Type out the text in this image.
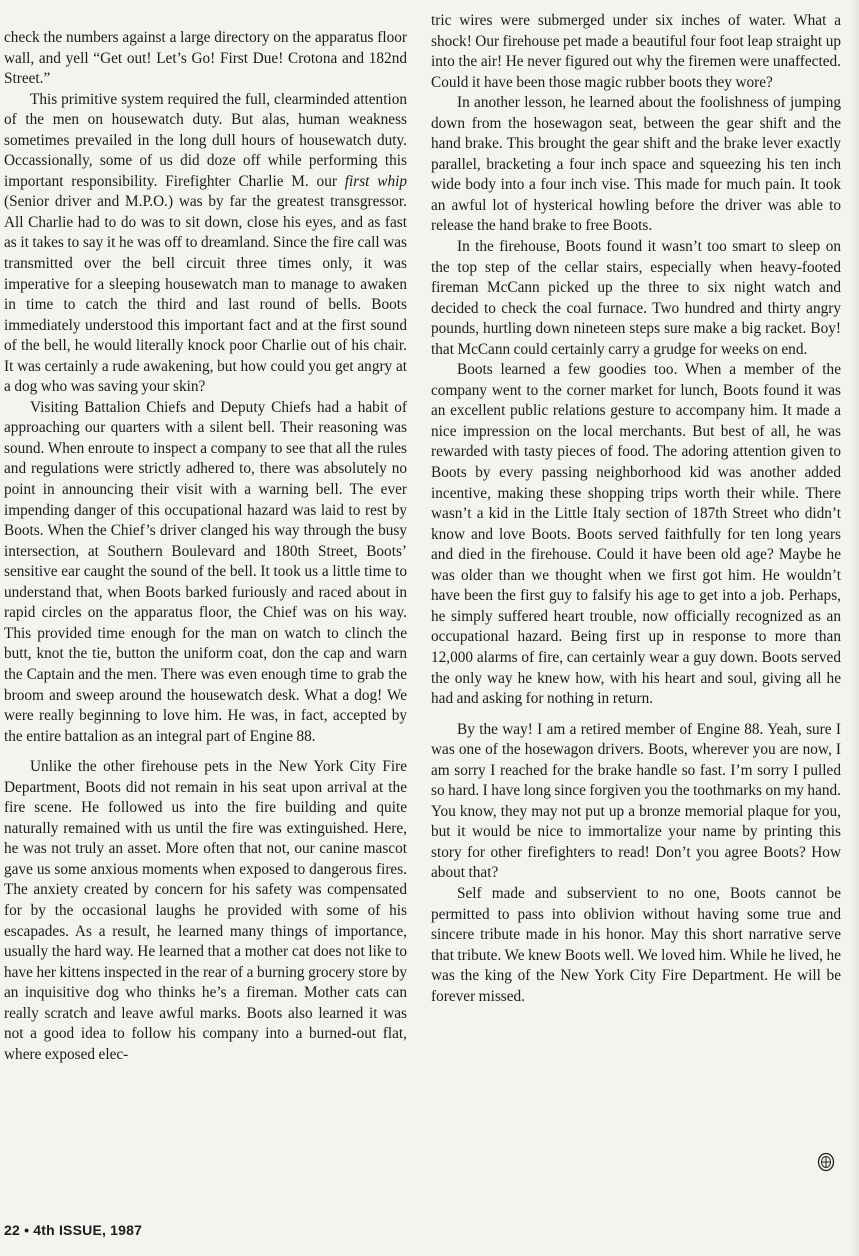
check the numbers against a large directory on the apparatus floor wall, and yell “Get out! Let’s Go! First Due! Crotona and 182nd Street.”

This primitive system required the full, clearminded attention of the men on housewatch duty. But alas, human weakness sometimes prevailed in the long dull hours of housewatch duty. Occassionally, some of us did doze off while performing this important responsibility. Firefighter Charlie M. our first whip (Senior driver and M.P.O.) was by far the greatest transgressor. All Charlie had to do was to sit down, close his eyes, and as fast as it takes to say it he was off to dreamland. Since the fire call was transmitted over the bell circuit three times only, it was imperative for a sleeping housewatch man to manage to awaken in time to catch the third and last round of bells. Boots immediately understood this important fact and at the first sound of the bell, he would literally knock poor Charlie out of his chair. It was certainly a rude awakening, but how could you get angry at a dog who was saving your skin?

Visiting Battalion Chiefs and Deputy Chiefs had a habit of approaching our quarters with a silent bell. Their reasoning was sound. When enroute to inspect a company to see that all the rules and regulations were strictly adhered to, there was absolutely no point in announcing their visit with a warning bell. The ever impending danger of this occupational hazard was laid to rest by Boots. When the Chief’s driver clanged his way through the busy intersection, at Southern Boulevard and 180th Street, Boots’ sensitive ear caught the sound of the bell. It took us a little time to understand that, when Boots barked furiously and raced about in rapid circles on the apparatus floor, the Chief was on his way. This provided time enough for the man on watch to clinch the butt, knot the tie, button the uniform coat, don the cap and warn the Captain and the men. There was even enough time to grab the broom and sweep around the housewatch desk. What a dog! We were really beginning to love him. He was, in fact, accepted by the entire battalion as an integral part of Engine 88.

Unlike the other firehouse pets in the New York City Fire Department, Boots did not remain in his seat upon arrival at the fire scene. He followed us into the fire building and quite naturally remained with us until the fire was extinguished. Here, he was not truly an asset. More often that not, our canine mascot gave us some anxious moments when exposed to dangerous fires. The anxiety created by concern for his safety was compensated for by the occasional laughs he provided with some of his escapades. As a result, he learned many things of importance, usually the hard way. He learned that a mother cat does not like to have her kittens inspected in the rear of a burning grocery store by an inquisitive dog who thinks he’s a fireman. Mother cats can really scratch and leave awful marks. Boots also learned it was not a good idea to follow his company into a burned-out flat, where exposed elec-

tric wires were submerged under six inches of water. What a shock! Our firehouse pet made a beautiful four foot leap straight up into the air! He never figured out why the firemen were unaffected. Could it have been those magic rubber boots they wore?

In another lesson, he learned about the foolishness of jumping down from the hosewagon seat, between the gear shift and the hand brake. This brought the gear shift and the brake lever exactly parallel, bracketing a four inch space and squeezing his ten inch wide body into a four inch vise. This made for much pain. It took an awful lot of hysterical howling before the driver was able to release the hand brake to free Boots.

In the firehouse, Boots found it wasn’t too smart to sleep on the top step of the cellar stairs, especially when heavy-footed fireman McCann picked up the three to six night watch and decided to check the coal furnace. Two hundred and thirty angry pounds, hurtling down nineteen steps sure make a big racket. Boy! that McCann could certainly carry a grudge for weeks on end.

Boots learned a few goodies too. When a member of the company went to the corner market for lunch, Boots found it was an excellent public relations gesture to accompany him. It made a nice impression on the local merchants. But best of all, he was rewarded with tasty pieces of food. The adoring attention given to Boots by every passing neighborhood kid was another added incentive, making these shopping trips worth their while. There wasn’t a kid in the Little Italy section of 187th Street who didn’t know and love Boots. Boots served faithfully for ten long years and died in the firehouse. Could it have been old age? Maybe he was older than we thought when we first got him. He wouldn’t have been the first guy to falsify his age to get into a job. Perhaps, he simply suffered heart trouble, now officially recognized as an occupational hazard. Being first up in response to more than 12,000 alarms of fire, can certainly wear a guy down. Boots served the only way he knew how, with his heart and soul, giving all he had and asking for nothing in return.

By the way! I am a retired member of Engine 88. Yeah, sure I was one of the hosewagon drivers. Boots, wherever you are now, I am sorry I reached for the brake handle so fast. I’m sorry I pulled so hard. I have long since forgiven you the toothmarks on my hand. You know, they may not put up a bronze memorial plaque for you, but it would be nice to immortalize your name by printing this story for other firefighters to read! Don’t you agree Boots? How about that?

Self made and subservient to no one, Boots cannot be permitted to pass into oblivion without having some true and sincere tribute made in his honor. May this short narrative serve that tribute. We knew Boots well. We loved him. While he lived, he was the king of the New York City Fire Department. He will be forever missed.

22 • 4th ISSUE, 1987
